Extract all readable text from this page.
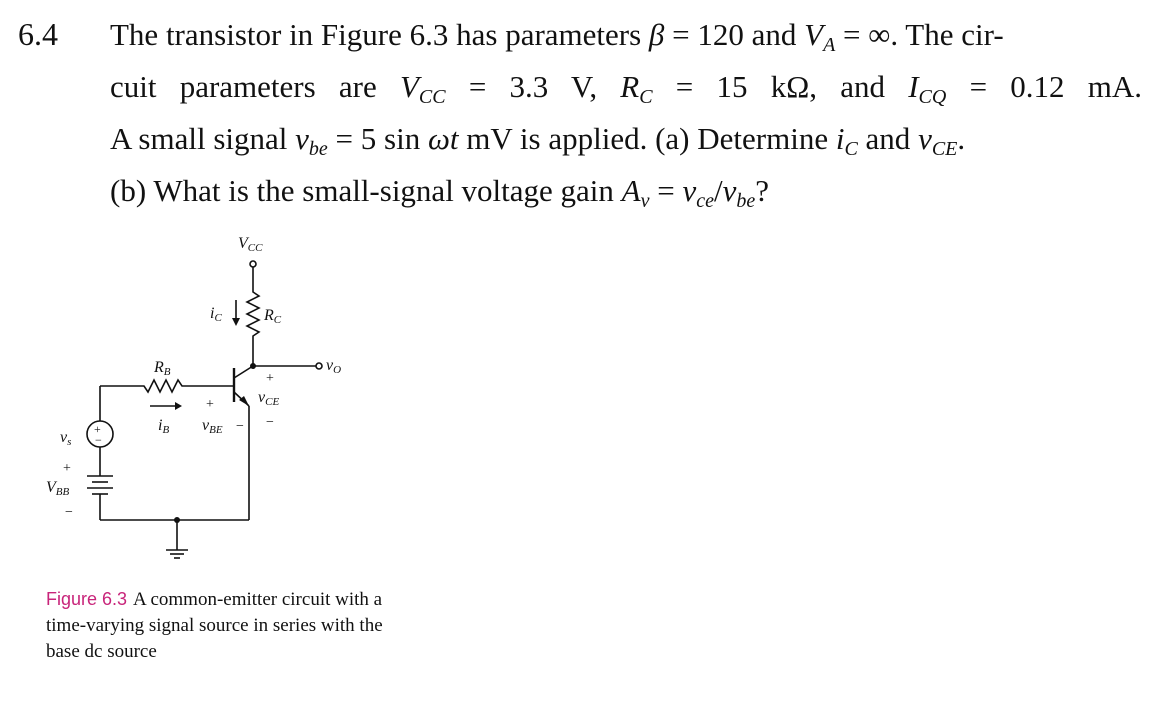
6.4 The transistor in Figure 6.3 has parameters β = 120 and VA = ∞. The cir-
cuit parameters are VCC = 3.3 V, RC = 15 kΩ, and ICQ = 0.12 mA.
A small signal vbe = 5 sin ωt mV is applied. (a) Determine iC and vCE.
(b) What is the small-signal voltage gain Av = vce/vbe?
VCC
iC	RC
vO
RB
iB vBE
vCE
vs
VBB
+
−
+
−
+
−
+
−
Figure 6.3 A common-emitter circuit with a time-varying signal source in series with the base dc source
